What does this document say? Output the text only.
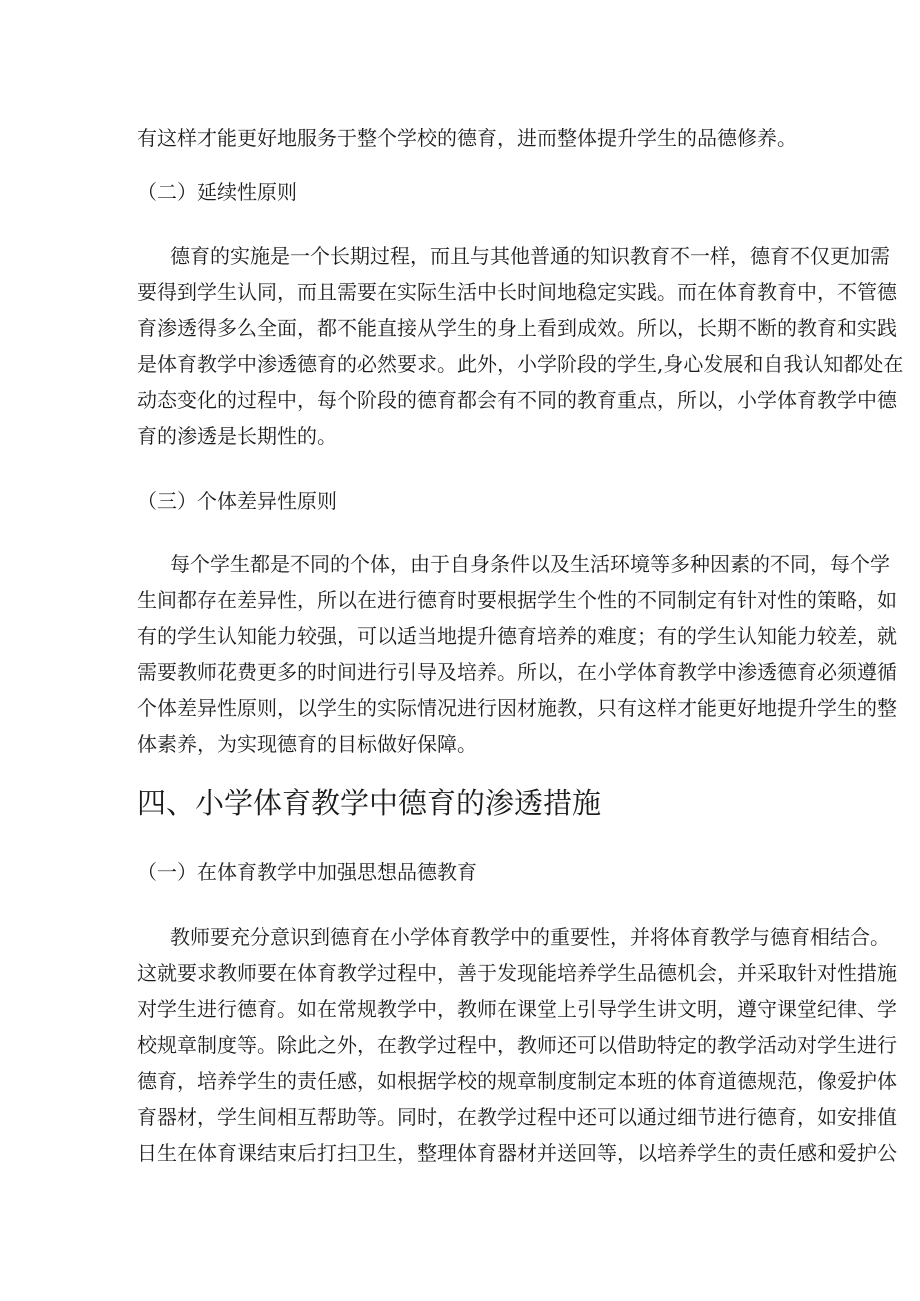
有这样才能更好地服务于整个学校的德育，进而整体提升学生的品德修养。
（二）延续性原则
德育的实施是一个长期过程，而且与其他普通的知识教育不一样，德育不仅更加需
要得到学生认同，而且需要在实际生活中长时间地稳定实践。而在体育教育中，不管德
育渗透得多么全面，都不能直接从学生的身上看到成效。所以，长期不断的教育和实践
是体育教学中渗透德育的必然要求。此外，小学阶段的学生,身心发展和自我认知都处在
动态变化的过程中，每个阶段的德育都会有不同的教育重点，所以，小学体育教学中德
育的渗透是长期性的。
（三）个体差异性原则
每个学生都是不同的个体，由于自身条件以及生活环境等多种因素的不同，每个学
生间都存在差异性，所以在进行德育时要根据学生个性的不同制定有针对性的策略，如
有的学生认知能力较强，可以适当地提升德育培养的难度；有的学生认知能力较差，就
需要教师花费更多的时间进行引导及培养。所以，在小学体育教学中渗透德育必须遵循
个体差异性原则，以学生的实际情况进行因材施教，只有这样才能更好地提升学生的整
体素养，为实现德育的目标做好保障。
四、小学体育教学中德育的渗透措施
（一）在体育教学中加强思想品德教育
教师要充分意识到德育在小学体育教学中的重要性，并将体育教学与德育相结合。
这就要求教师要在体育教学过程中，善于发现能培养学生品德机会，并采取针对性措施
对学生进行德育。如在常规教学中，教师在课堂上引导学生讲文明，遵守课堂纪律、学
校规章制度等。除此之外，在教学过程中，教师还可以借助特定的教学活动对学生进行
德育，培养学生的责任感，如根据学校的规章制度制定本班的体育道德规范，像爱护体
育器材，学生间相互帮助等。同时，在教学过程中还可以通过细节进行德育，如安排值
日生在体育课结束后打扫卫生，整理体育器材并送回等，以培养学生的责任感和爱护公
